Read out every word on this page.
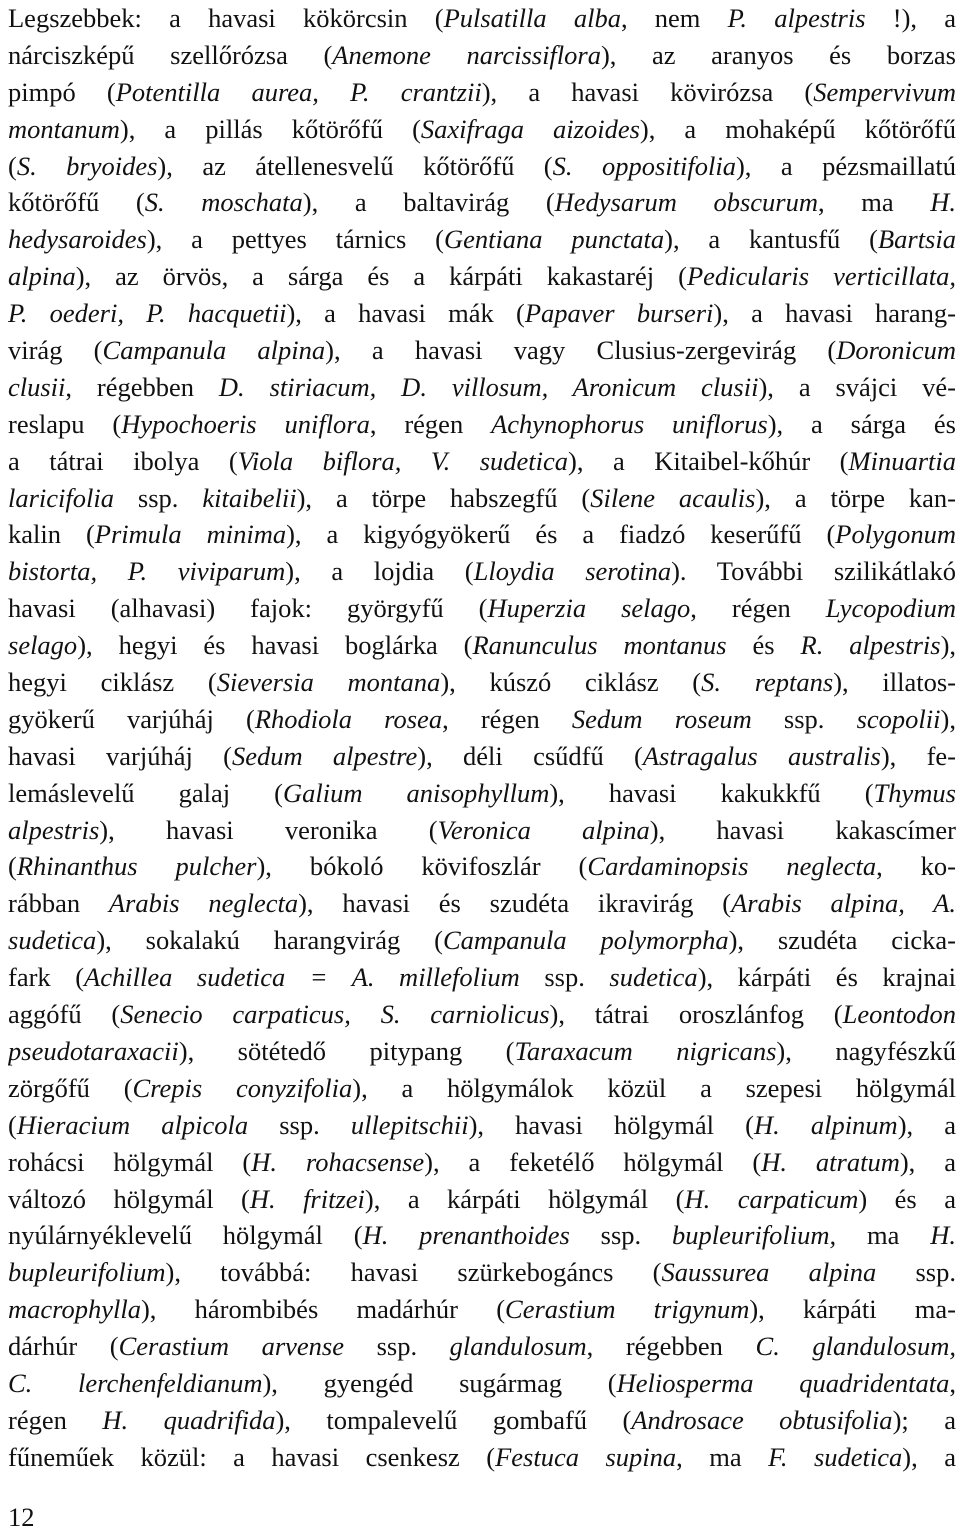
Legszebbek: a havasi kökörcsin (Pulsatilla alba, nem P. alpestris !), a
nárciszképű szellőrózsa (Anemone narcissiflora), az aranyos és borzas
pimpó (Potentilla aurea, P. crantzii), a havasi kövirózsa (Sempervivum
montanum), a pillás kőtörőfű (Saxifraga aizoides), a mohaképű kőtörőfű
(S. bryoides), az átellenesvelű kőtörőfű (S. oppositifolia), a pézsmaillatú
kőtörőfű (S. moschata), a baltavirág (Hedysarum obscurum, ma H.
hedysaroides), a pettyes tárnics (Gentiana punctata), a kantusfű (Bartsia
alpina), az örvös, a sárga és a kárpáti kakastaréj (Pedicularis verticillata,
P. oederi, P. hacquetii), a havasi mák (Papaver burseri), a havasi harang-
virág (Campanula alpina), a havasi vagy Clusius-zergevirág (Doronicum
clusii, régebben D. stiriacum, D. villosum, Aronicum clusii), a svájci vé-
reslapu (Hypochoeris uniflora, régen Achynophorus uniflorus), a sárga és
a tátrai ibolya (Viola biflora, V. sudetica), a Kitaibel-kőhúr (Minuartia
laricifolia ssp. kitaibelii), a törpe habszegfű (Silene acaulis), a törpe kan-
kalin (Primula minima), a kigyógyökerű és a fiadzó keserűfű (Polygonum
bistorta, P. viviparum), a lojdia (Lloydia serotina). További szilikátlakó
havasi (alhavasi) fajok: györgyfű (Huperzia selago, régen Lycopodium
selago), hegyi és havasi boglárka (Ranunculus montanus és R. alpestris),
hegyi ciklász (Sieversia montana), kúszó ciklász (S. reptans), illatos-
gyökerű varjúháj (Rhodiola rosea, régen Sedum roseum ssp. scopolii),
havasi varjúháj (Sedum alpestre), déli csűdfű (Astragalus australis), fe-
lemáslevelű galaj (Galium anisophyllum), havasi kakukkfű (Thymus
alpestris), havasi veronika (Veronica alpina), havasi kakascímer
(Rhinanthus pulcher), bókoló kövifoszlár (Cardaminopsis neglecta, ko-
rábban Arabis neglecta), havasi és szudéta ikravirág (Arabis alpina, A.
sudetica), sokalakú harangvirág (Campanula polymorpha), szudéta cicka-
fark (Achillea sudetica = A. millefolium ssp. sudetica), kárpáti és krajnai
aggófű (Senecio carpaticus, S. carniolicus), tátrai oroszlánfog (Leontodon
pseudotaraxacii), sötétedő pitypang (Taraxacum nigricans), nagyfészkű
zörgőfű (Crepis conyzifolia), a hölgymálok közül a szepesi hölgymál
(Hieracium alpicola ssp. ullepitschii), havasi hölgymál (H. alpinum), a
rohácsi hölgymál (H. rohacsense), a feketélő hölgymál (H. atratum), a
változó hölgymál (H. fritzei), a kárpáti hölgymál (H. carpaticum) és a
nyúlárnyéklevelű hölgymál (H. prenanthoides ssp. bupleurifolium, ma H.
bupleurifolium), továbbá: havasi szürkebogáncs (Saussurea alpina ssp.
macrophylla), hárombibés madárhúr (Cerastium trigynum), kárpáti ma-
dárhúr (Cerastium arvense ssp. glandulosum, régebben C. glandulosum,
C. lerchenfeldianum), gyengéd sugármag (Heliosperma quadridentata,
régen H. quadrifida), tompalevelű gombafű (Androsace obtusifolia); a
fűneműek közül: a havasi csenkesz (Festuca supina, ma F. sudetica), a
12
